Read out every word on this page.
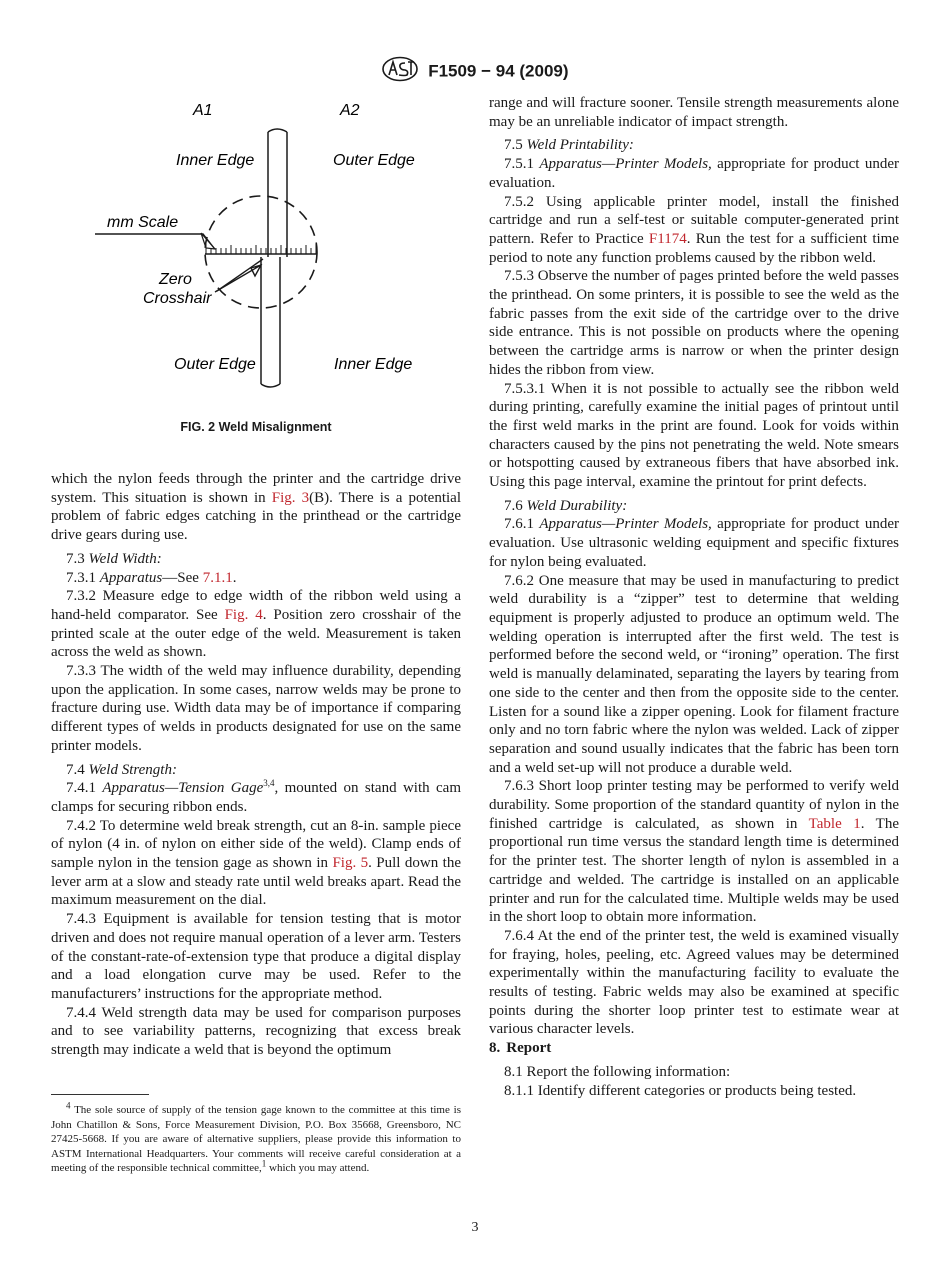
F1509 − 94 (2009)
A1	A2
Inner Edge	Outer Edge
mm Scale
Zero
Crosshair
Outer Edge	Inner Edge
FIG. 2 Weld Misalignment

which the nylon feeds through the printer and the cartridge drive system. This situation is shown in Fig. 3(B). There is a potential problem of fabric edges catching in the printhead or the cartridge drive gears during use.

7.3 Weld Width:

7.3.1 Apparatus—See 7.1.1.

7.3.2 Measure edge to edge width of the ribbon weld using a hand-held comparator. See Fig. 4. Position zero crosshair of the printed scale at the outer edge of the weld. Measurement is taken across the weld as shown.

7.3.3 The width of the weld may influence durability, depending upon the application. In some cases, narrow welds may be prone to fracture during use. Width data may be of importance if comparing different types of welds in products designated for use on the same printer models.

7.4 Weld Strength:

7.4.1 Apparatus—Tension Gage$^{3,4}$, mounted on stand with cam clamps for securing ribbon ends.

7.4.2 To determine weld break strength, cut an 8-in. sample piece of nylon (4 in. of nylon on either side of the weld). Clamp ends of sample nylon in the tension gage as shown in Fig. 5. Pull down the lever arm at a slow and steady rate until weld breaks apart. Read the maximum measurement on the dial.

7.4.3 Equipment is available for tension testing that is motor driven and does not require manual operation of a lever arm. Testers of the constant-rate-of-extension type that produce a digital display and a load elongation curve may be used. Refer to the manufacturers’ instructions for the appropriate method.

7.4.4 Weld strength data may be used for comparison purposes and to see variability patterns, recognizing that excess break strength may indicate a weld that is beyond the optimum

$^4$ The sole source of supply of the tension gage known to the committee at this time is John Chatillon & Sons, Force Measurement Division, P.O. Box 35668, Greensboro, NC 27425-5668. If you are aware of alternative suppliers, please provide this information to ASTM International Headquarters. Your comments will receive careful consideration at a meeting of the responsible technical committee,$^1$ which you may attend.

range and will fracture sooner. Tensile strength measurements alone may be an unreliable indicator of impact strength.

7.5 Weld Printability:

7.5.1 Apparatus—Printer Models, appropriate for product under evaluation.

7.5.2 Using applicable printer model, install the finished cartridge and run a self-test or suitable computer-generated print pattern. Refer to Practice F1174. Run the test for a sufficient time period to note any function problems caused by the ribbon weld.

7.5.3 Observe the number of pages printed before the weld passes the printhead. On some printers, it is possible to see the weld as the fabric passes from the exit side of the cartridge over to the drive side entrance. This is not possible on products where the opening between the cartridge arms is narrow or when the printer design hides the ribbon from view.

7.5.3.1 When it is not possible to actually see the ribbon weld during printing, carefully examine the initial pages of printout until the first weld marks in the print are found. Look for voids within characters caused by the pins not penetrating the weld. Note smears or hotspotting caused by extraneous fibers that have absorbed ink. Using this page interval, examine the printout for print defects.

7.6 Weld Durability:

7.6.1 Apparatus—Printer Models, appropriate for product under evaluation. Use ultrasonic welding equipment and specific fixtures for nylon being evaluated.

7.6.2 One measure that may be used in manufacturing to predict weld durability is a “zipper” test to determine that welding equipment is properly adjusted to produce an optimum weld. The welding operation is interrupted after the first weld. The test is performed before the second weld, or “ironing” operation. The first weld is manually delaminated, separating the layers by tearing from one side to the center and then from the opposite side to the center. Listen for a sound like a zipper opening. Look for filament fracture only and no torn fabric where the nylon was welded. Lack of zipper separation and sound usually indicates that the fabric has been torn and a weld set-up will not produce a durable weld.

7.6.3 Short loop printer testing may be performed to verify weld durability. Some proportion of the standard quantity of nylon in the finished cartridge is calculated, as shown in Table 1. The proportional run time versus the standard length time is determined for the printer test. The shorter length of nylon is assembled in a cartridge and welded. The cartridge is installed on an applicable printer and run for the calculated time. Multiple welds may be used in the short loop to obtain more information.

7.6.4 At the end of the printer test, the weld is examined visually for fraying, holes, peeling, etc. Agreed values may be determined experimentally within the manufacturing facility to evaluate the results of testing. Fabric welds may also be examined at specific points during the shorter loop printer test to estimate wear at various character levels.

8. Report

8.1 Report the following information:

8.1.1 Identify different categories or products being tested.

3
